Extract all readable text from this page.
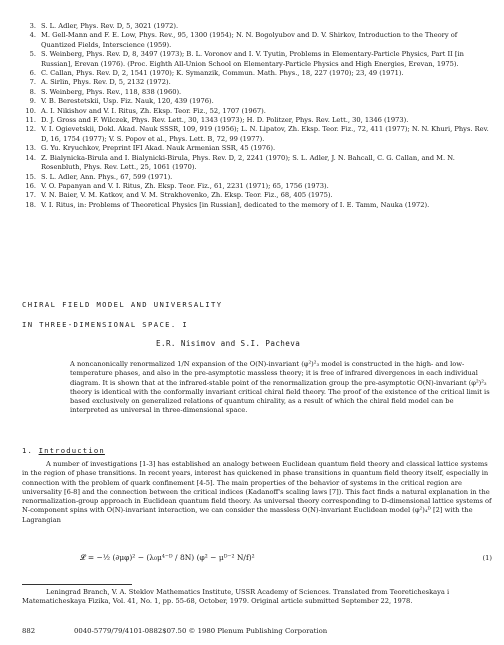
3. S. L. Adler, Phys. Rev. D, 5, 3021 (1972).
4. M. Gell-Mann and F. E. Low, Phys. Rev., 95, 1300 (1954); N. N. Bogolyubov and D. V. Shirkov, Introduction to the Theory of Quantized Fields, Interscience (1959).
5. S. Weinberg, Phys. Rev. D, 8, 3497 (1973); B. L. Voronov and I. V. Tyutin, Problems in Elementary-Particle Physics, Part II [in Russian], Erevan (1976). (Proc. Eighth All-Union School on Elementary-Particle Physics and High Energies, Erevan, 1975).
6. C. Callan, Phys. Rev. D, 2, 1541 (1970); K. Symanzik, Commun. Math. Phys., 18, 227 (1970); 23, 49 (1971).
7. A. Sirlin, Phys. Rev. D, 5, 2132 (1972).
8. S. Weinberg, Phys. Rev., 118, 838 (1960).
9. V. B. Berestetskii, Usp. Fiz. Nauk, 120, 439 (1976).
10. A. I. Nikishov and V. I. Ritus, Zh. Eksp. Teor. Fiz., 52, 1707 (1967).
11. D. J. Gross and F. Wilczek, Phys. Rev. Lett., 30, 1343 (1973); H. D. Politzer, Phys. Rev. Lett., 30, 1346 (1973).
12. V. I. Ogievetskii, Dokl. Akad. Nauk SSSR, 109, 919 (1956); L. N. Lipatov, Zh. Eksp. Teor. Fiz., 72, 411 (1977); N. N. Khuri, Phys. Rev. D, 16, 1754 (1977); V. S. Popov et al., Phys. Lett. B, 72, 99 (1977).
13. G. Yu. Kryuchkov, Preprint IFI Akad. Nauk Armenian SSR, 45 (1976).
14. Z. Bialynicka-Birula and I. Bialynicki-Birula, Phys. Rev. D, 2, 2241 (1970); S. L. Adler, J. N. Bahcall, C. G. Callan, and M. N. Rosenbluth, Phys. Rev. Lett., 25, 1061 (1970).
15. S. L. Adler, Ann. Phys., 67, 599 (1971).
16. V. O. Papanyan and V. I. Ritus, Zh. Eksp. Teor. Fiz., 61, 2231 (1971); 65, 1756 (1973).
17. V. N. Baier, V. M. Katkov, and V. M. Strakhovenko, Zh. Eksp. Teor. Fiz., 68, 405 (1975).
18. V. I. Ritus, in: Problems of Theoretical Physics [in Russian], dedicated to the memory of I. E. Tamm, Nauka (1972).
CHIRAL FIELD MODEL AND UNIVERSALITY
IN THREE-DIMENSIONAL SPACE. I
E.R. Nisimov and S.I. Pacheva
A noncanonically renormalized 1/N expansion of the O(N)-invariant (φ²)²₃ model is constructed in the high- and low-temperature phases, and also in the pre-asymptotic massless theory; it is free of infrared divergences in each individual diagram. It is shown that at the infrared-stable point of the renormalization group the pre-asymptotic O(N)-invariant (φ²)²₃ theory is identical with the conformally invariant critical chiral field theory. The proof of the existence of the critical limit is based exclusively on generalized relations of quantum chirality, as a result of which the chiral field model can be interpreted as universal in three-dimensional space.
1. Introduction
A number of investigations [1-3] has established an analogy between Euclidean quantum field theory and classical lattice systems in the region of phase transitions. In recent years, interest has quickened in phase transitions in quantum field theory itself, especially in connection with the problem of quark confinement [4-5]. The main properties of the behavior of systems in the critical region are universality [6-8] and the connection between the critical indices (Kadanoff's scaling laws [7]). This fact finds a natural explanation in the renormalization-group approach in Euclidean quantum field theory. As universal theory corresponding to D-dimensional lattice systems of N-component spins with O(N)-invariant interaction, we can consider the massless O(N)-invariant Euclidean model (φ²)₄ᴰ [2] with the Lagrangian
𝓛 = −½ (∂μφ)² − (λ₀μ⁴⁻ᴰ / 8N) (φ² − μᴰ⁻² N/f)²	(1)
Leningrad Branch, V. A. Steklov Mathematics Institute, USSR Academy of Sciences. Translated from Teoreticheskaya i Matematicheskaya Fizika, Vol. 41, No. 1, pp. 55-68, October, 1979. Original article submitted September 22, 1978.
882	0040-5779/79/4101-0882$07.50 © 1980 Plenum Publishing Corporation
